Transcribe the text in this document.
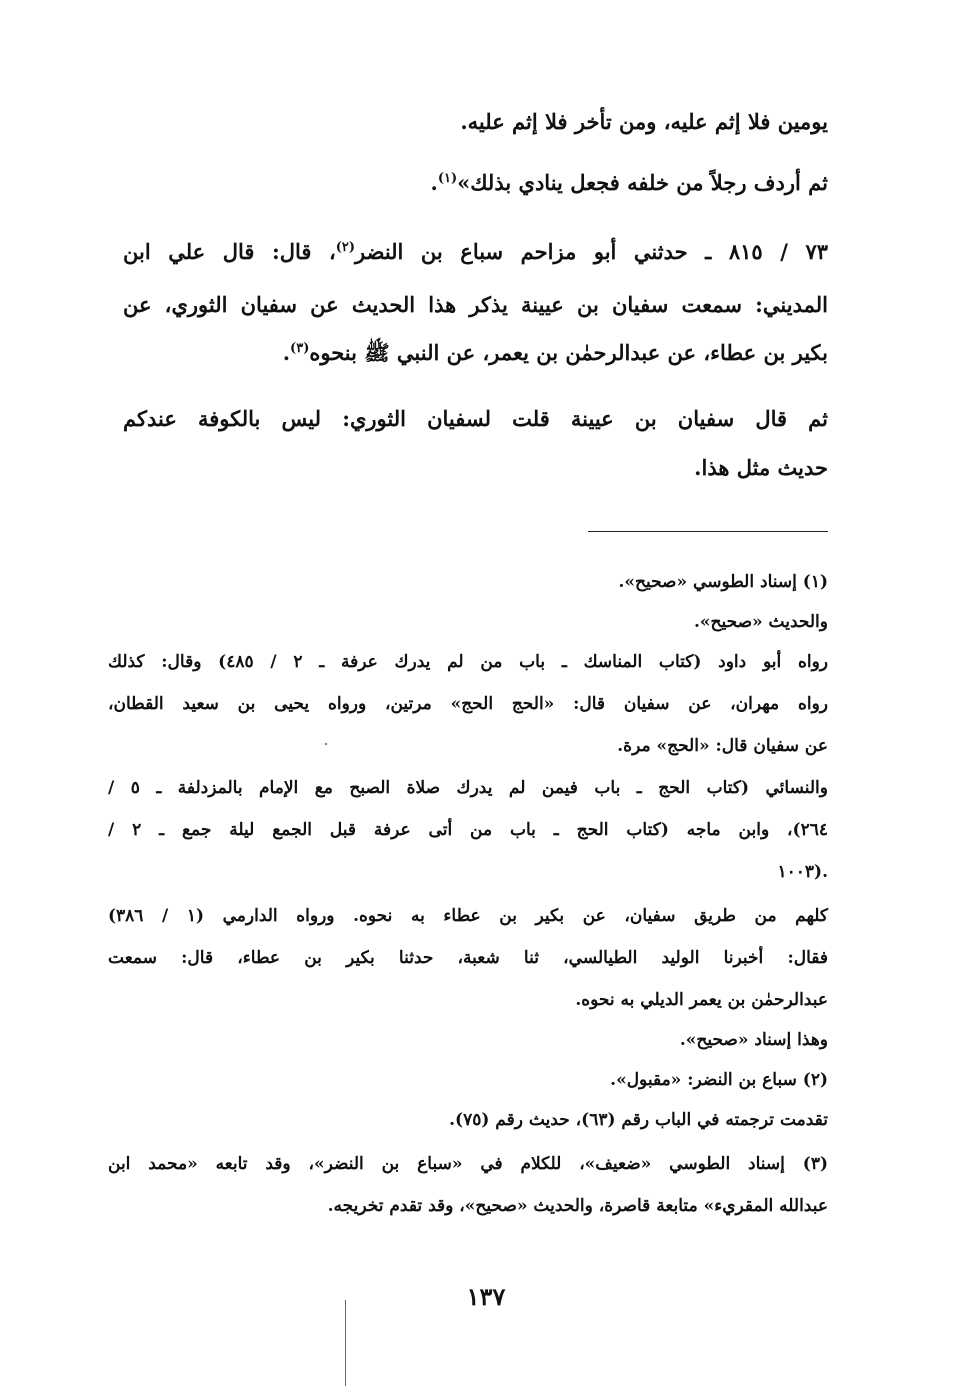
يومين فلا إثم عليه، ومن تأخر فلا إثم عليه.
ثم أردف رجلاً من خلفه فجعل ينادي بذلك»$^{(١)}$.
٧٣ / ٨١٥ ـ حدثني أبو مزاحم سباع بن النضر$^{(٢)}$، قال: قال علي ابن
المديني: سمعت سفيان بن عيينة يذكر هذا الحديث عن سفيان الثوري، عن
بكير بن عطاء، عن عبدالرحمٰن بن يعمر، عن النبي ﷺ بنحوه$^{(٣)}$.
ثم قال سفيان بن عيينة قلت لسفيان الثوري: ليس بالكوفة عندكم
حديث مثل هذا.
(١) إسناد الطوسي «صحيح».
والحديث «صحيح».
رواه أبو داود (كتاب المناسك ـ باب من لم يدرك عرفة ـ ٢ / ٤٨٥) وقال: كذلك
رواه مهران، عن سفيان قال: «الحج الحج» مرتين، ورواه يحيى بن سعيد القطان،
عن سفيان قال: «الحج» مرة.
والنسائي (كتاب الحج ـ باب فيمن لم يدرك صلاة الصبح مع الإمام بالمزدلفة ـ ٥ /
٢٦٤)، وابن ماجه (كتاب الحج ـ باب من أتى عرفة قبل الجمع ليلة جمع ـ ٢ /
١٠٠٣).
كلهم من طريق سفيان، عن بكير بن عطاء به نحوه. ورواه الدارمي (١ / ٣٨٦)
فقال: أخبرنا الوليد الطيالسي، ثنا شعبة، حدثنا بكير بن عطاء، قال: سمعت
عبدالرحمٰن بن يعمر الديلي به نحوه.
وهذا إسناد «صحيح».
(٢) سباع بن النضر: «مقبول».
تقدمت ترجمته في الباب رقم (٦٣)، حديث رقم (٧٥).
(٣) إسناد الطوسي «ضعيف»، للكلام في «سباع بن النضر»، وقد تابعه «محمد ابن
عبدالله المقريء» متابعة قاصرة، والحديث «صحيح»، وقد تقدم تخريجه.
١٣٧
